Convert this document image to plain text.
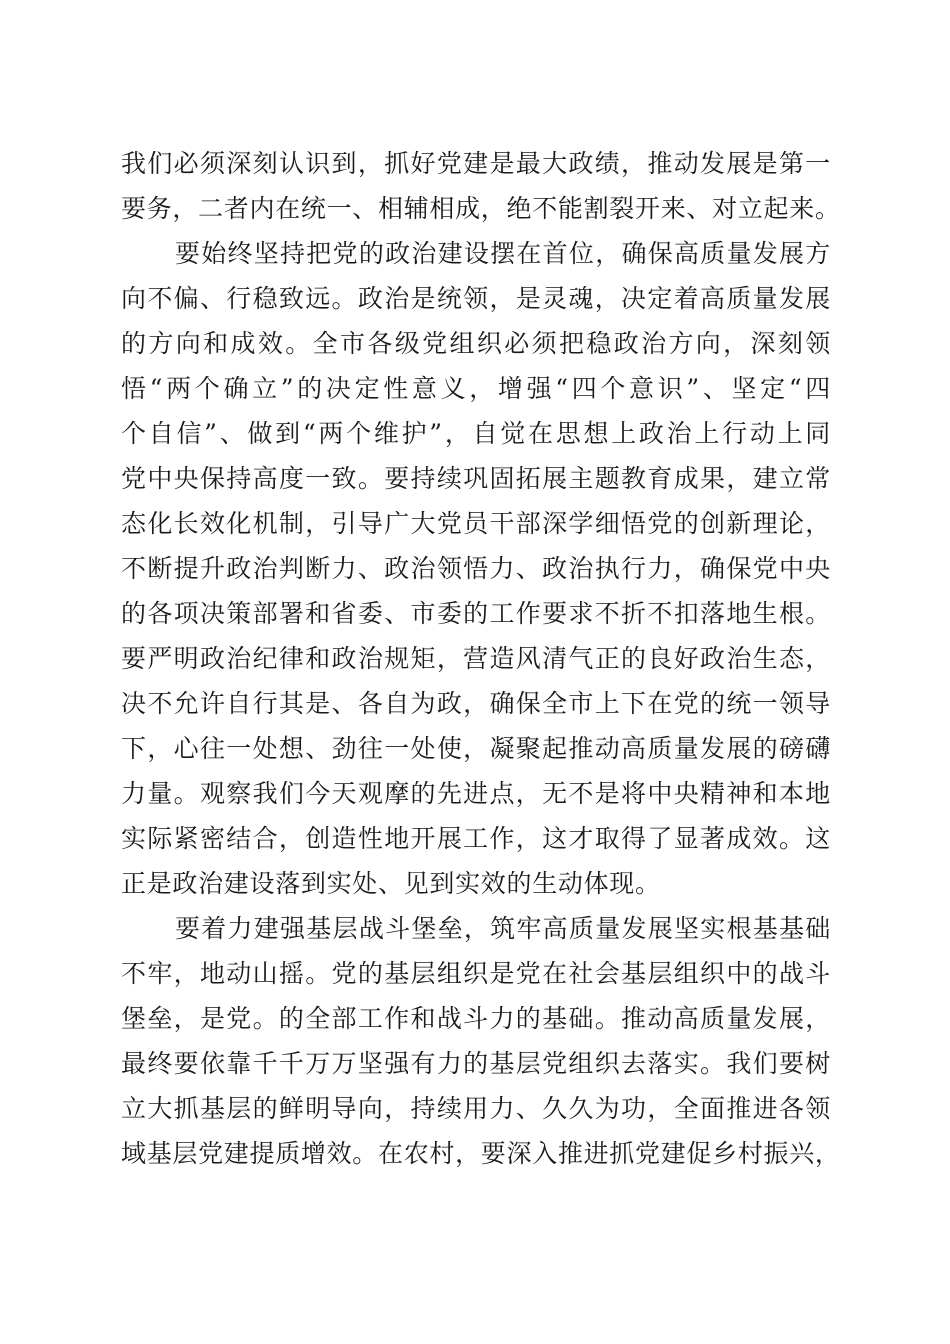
我们必须深刻认识到，抓好党建是最大政绩，推动发展是第一
要务，二者内在统一、相辅相成，绝不能割裂开来、对立起来。
要始终坚持把党的政治建设摆在首位，确保高质量发展方
向不偏、行稳致远。政治是统领，是灵魂，决定着高质量发展
的方向和成效。全市各级党组织必须把稳政治方向，深刻领
悟“两个确立”的决定性意义，增强“四个意识”、坚定“四
个自信”、做到“两个维护”，自觉在思想上政治上行动上同
党中央保持高度一致。要持续巩固拓展主题教育成果，建立常
态化长效化机制，引导广大党员干部深学细悟党的创新理论，
不断提升政治判断力、政治领悟力、政治执行力，确保党中央
的各项决策部署和省委、市委的工作要求不折不扣落地生根。
要严明政治纪律和政治规矩，营造风清气正的良好政治生态，
决不允许自行其是、各自为政，确保全市上下在党的统一领导
下，心往一处想、劲往一处使，凝聚起推动高质量发展的磅礴
力量。观察我们今天观摩的先进点，无不是将中央精神和本地
实际紧密结合，创造性地开展工作，这才取得了显著成效。这
正是政治建设落到实处、见到实效的生动体现。
要着力建强基层战斗堡垒，筑牢高质量发展坚实根基基础
不牢，地动山摇。党的基层组织是党在社会基层组织中的战斗
堡垒，是党。的全部工作和战斗力的基础。推动高质量发展，
最终要依靠千千万万坚强有力的基层党组织去落实。我们要树
立大抓基层的鲜明导向，持续用力、久久为功，全面推进各领
域基层党建提质增效。在农村，要深入推进抓党建促乡村振兴，
